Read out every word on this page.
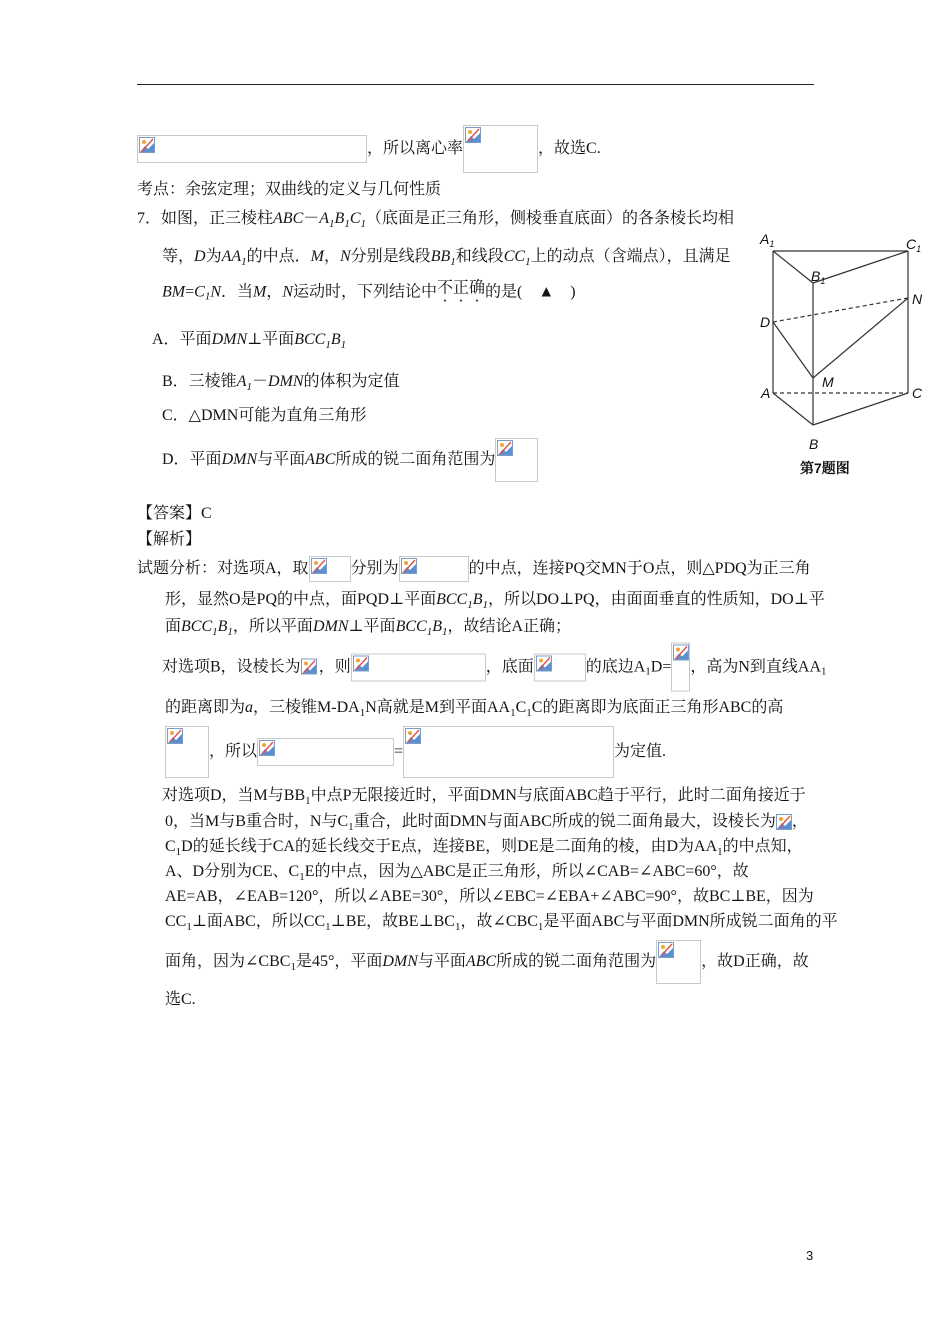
，所以离心率	，故选C.
考点：余弦定理；双曲线的定义与几何性质
7．如图，正三棱柱 ABC － A 1 B 1 C 1 （底面是正三角形，侧棱垂直底面）的各条棱长均相
等， D 为 AA 1 的中点． M ， N 分别是线段 BB 1 和线段 CC 1 上的动点（含端点），且满足
BM = C 1 N ．当 M ， N 运动时，下列结论中 不正确 的是(　▲　)
A．平面 DMN ⊥平面 BCC 1 B 1
B．三棱锥 A 1 － DMN 的体积为定值
C．△DMN可能为直角三角形
D．平面 DMN 与平面 ABC 所成的锐二面角范围为
【答案】C
【解析】
试题分析：对选项A，取	分别为	的中点，连接PQ交MN于O点，则△PDQ为正三角
形，显然O是PQ的中点，面PQD⊥平面 BCC 1 B 1 ，所以DO⊥PQ，由面面垂直的性质知，DO⊥平
面 BCC 1 B 1 ，所以平面 DMN ⊥平面 BCC 1 B 1 ，故结论A正确；
对选项B，设棱长为 ，则	，底面	的底边A 1 D= ，高为N到直线AA 1
的距离即为 a ，三棱锥M-DA 1 N高就是M到平面AA 1 C 1 C的距离即为底面正三角形ABC的高
，所以	=	为定值.
对选项D，当M与BB 1 中点P无限接近时，平面DMN与底面ABC趋于平行，此时二面角接近于
0，当M与B重合时，N与C 1 重合，此时面DMN与面ABC所成的锐二面角最大，设棱长为 ，
C 1 D的延长线于CA的延长线交于E点，连接BE，则DE是二面角的棱，由D为AA 1 的中点知，
A、D分别为CE、C 1 E的中点，因为△ABC是正三角形，所以∠CAB=∠ABC=60°，故
AE=AB，∠EAB=120°，所以∠ABE=30°，所以∠EBC=∠EBA+∠ABC=90°，故BC⊥BE，因为
CC 1 ⊥面ABC，所以CC 1 ⊥BE，故BE⊥BC 1 ，故∠CBC 1 是平面ABC与平面DMN所成锐二面角的平
面角，因为∠CBC 1 是45°，平面 DMN 与平面 ABC 所成的锐二面角范围为	，故D正确，故
选C.
$A_1$
$B_1$
$C_1$
N
D
M
A	C
B
第7题图
3
